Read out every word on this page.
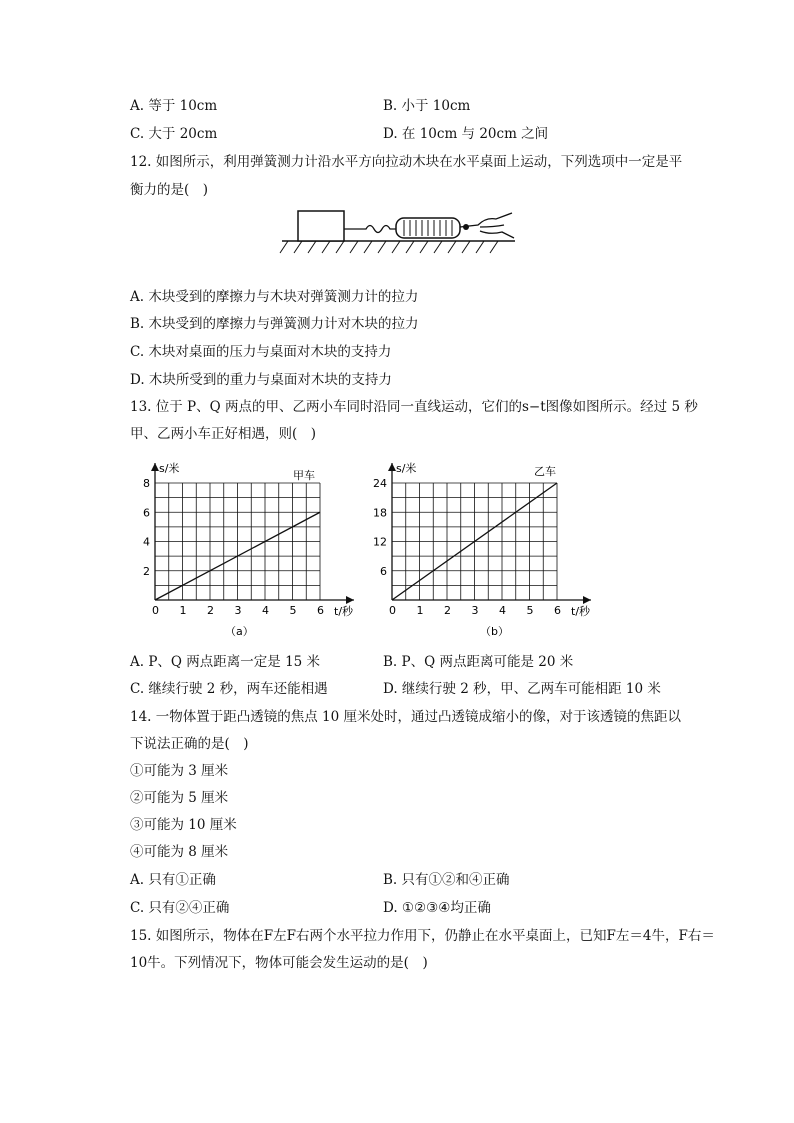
A. 等于 10cm	B. 小于 10cm
C. 大于 20cm	D. 在 10cm 与 20cm 之间
12. 如图所示，利用弹簧测力计沿水平方向拉动木块在水平桌面上运动，下列选项中一定是平
衡力的是(　)
A. 木块受到的摩擦力与木块对弹簧测力计的拉力
B. 木块受到的摩擦力与弹簧测力计对木块的拉力
C. 木块对桌面的压力与桌面对木块的支持力
D. 木块所受到的重力与桌面对木块的支持力
13. 位于 P、Q 两点的甲、乙两小车同时沿同一直线运动，它们的s−t图像如图所示。经过 5 秒
甲、乙两小车正好相遇，则(　)
0 1 2 3 4 5 6
2
4
6
8
s/米
甲车
t/秒
（a）
0 1 2 3 4 5 6
6
12
18
24
s/米	乙车
t/秒
（b）
A. P、Q 两点距离一定是 15 米	B. P、Q 两点距离可能是 20 米
C. 继续行驶 2 秒，两车还能相遇	D. 继续行驶 2 秒，甲、乙两车可能相距 10 米
14. 一物体置于距凸透镜的焦点 10 厘米处时，通过凸透镜成缩小的像，对于该透镜的焦距以
下说法正确的是(　)
①可能为 3 厘米
②可能为 5 厘米
③可能为 10 厘米
④可能为 8 厘米
A. 只有①正确	B. 只有①②和④正确
C. 只有②④正确	D. ①②③④均正确
15. 如图所示，物体在F左F右两个水平拉力作用下，仍静止在水平桌面上，已知F左＝4牛，F右＝
10牛。下列情况下，物体可能会发生运动的是(　)
